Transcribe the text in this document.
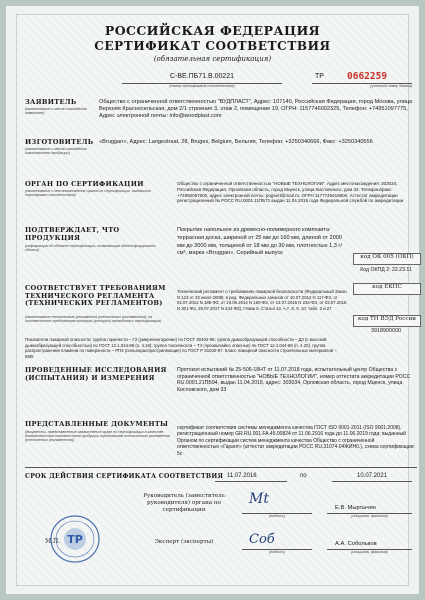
РОССИЙСКАЯ ФЕДЕРАЦИЯ
СЕРТИФИКАТ СООТВЕТСТВИЯ
(обязательная сертификация)
С-ВЕ.ПБ71.В.00221
(номер сертификата соответствия)
ТР 0662259
(учетный номер бланка)
ЗАЯВИТЕЛЬ
(наименование и место нахождения заявителя)
Общество с ограниченной ответственностью "ВУДПЛАСТ", Адрес: 107140, Российская Федерация, город Москва, улица Верхняя Красносельская, дом 2/1 строение 3, этаж 2, помещение 19, ОГРН: 1157746002325, Телефон: +74951097775, Адрес электронной почты: info@woodplast.com
ИЗГОТОВИТЕЛЬ
(наименование и место нахождения изготовителя продукции)
«Bruggan», Адрес: Langestraat, 28, Bruges, Belgium, Бельгия, Телефон: +3250340666, Факс: +3250340556
ОРГАН ПО СЕРТИФИКАЦИИ
(наименование и местонахождение органа по сертификации, выдавшего сертификат соответствия)
Общество с ограниченной ответственностью "НОВЫЕ ТЕХНОЛОГИИ". Адрес местонахождения: 303034, Российская Федерация, Орловская область, город Мценск, улица Кисловского, дом 33. Телефон/факс: +74950067600, адрес электронной почты: pogsert@mail.ru. ОГРН 1177746418600. Аттестат аккредитации регистрационный № РОСС RU.0001.11ПБ71 выдан 11.04.2016 года Федеральной службой по аккредитации
ПОДТВЕРЖДАЕТ, ЧТО ПРОДУКЦИЯ
(информация об объекте сертификации, позволяющая идентифицировать объект)
Покрытие напольное из древесно-полимерного композита: террасная доска, шириной от 25 мм до 160 мм, длиной от 2000 мм до 3000 мм, толщиной от 18 мм до 30 мм, плотностью 1,3 г/см³, марка «Bruggan», Серийный выпуск
код ОК 005 (ОКП)
Код ОКПД 2: 22.23.11
СООТВЕТСТВУЕТ ТРЕБОВАНИЯМ ТЕХНИЧЕСКОГО РЕГЛАМЕНТА (ТЕХНИЧЕСКИХ РЕГЛАМЕНТОВ)
(наименование технического регламента (технических регламентов), на соответствие требованиям которого (которых) проводилась сертификация)
Технический регламент о требованиях пожарной безопасности (Федеральный Закон N 123 от 22 июля 2008г, в ред. Федеральных законов от 10.07.2012 N 117-ФЗ, от 02.07.2013 N 185-ФЗ, от 23.06.2014 N 160-ФЗ, от 13.07.2015 N 234-ФЗ, от 03.07.2016 N 301-ФЗ, 29.07.2017 N 244-ФЗ), Глава 5, Статья 13, ч.7, 8, 9, 10; табл. 3 и 27
код ЕКПС
код ТН ВЭД России
3918900000
Показатели пожарной опасности: группа горючести – Г2 (умеренногорючие) по ГОСТ 30402-96; группа дымообразующей способности – Д3 (с высокой дымообразующей способностью) по ГОСТ 12.1.044-89 (п. 4.18); группа токсичности – Т4 (чрезвычайно опасные) по ГОСТ 12.1.044-89 (п. 4.20), группа распространения пламени по поверхности – РП4 (сильнораспространяющие) по ГОСТ Р 51032-97. Класс пожарной опасности строительных материалов – КМ5
ПРОВЕДЕННЫЕ ИССЛЕДОВАНИЯ (ИСПЫТАНИЯ) И ИЗМЕРЕНИЯ
Протокол испытаний № 25-506-18НТ от 11.07.2018 года, испытательный центр Общества с ограниченной ответственностью "НОВЫЕ ТЕХНОЛОГИИ", номер аттестата аккредитации РОСС RU.0001.21ПБ94, выдан 11.04.2016, адрес: 303034, Орловская область, город Мценск, улица Кисловского, дом 33
ПРЕДСТАВЛЕННЫЕ ДОКУМЕНТЫ
(документы, представленные заявителем в орган по сертификации в качестве доказательства соответствия продукции требованиям технического регламента (технических регламентов))
сертификат соответствия системы менеджмента качества ГОСТ ISO 9001-2011 (ISO 9001:2008), регистрационный номер GR.RU.001.FA.45.00824 от 11.06.2016 года до 11.06.2019 года; выданный Органом по сертификации систем менеджмента качества Общество с ограниченной ответственностью «Гарант» (аттестат аккредитации РОСС RU.31074.04ЖИН0.), схема сертификации: 5с
СРОК ДЕЙСТВИЯ СЕРТИФИКАТА СООТВЕТСТВИЯ 11.07.2018	по	10.07.2021
Руководитель (заместитель руководителя) органа по сертификации
Mt
(подпись)
Е.В. Мыртычян
(инициалы, фамилия)
ТР
М.П.	Эксперт (эксперты)	Соб
(подпись)
А.А. Собольков
(инициалы, фамилия)
